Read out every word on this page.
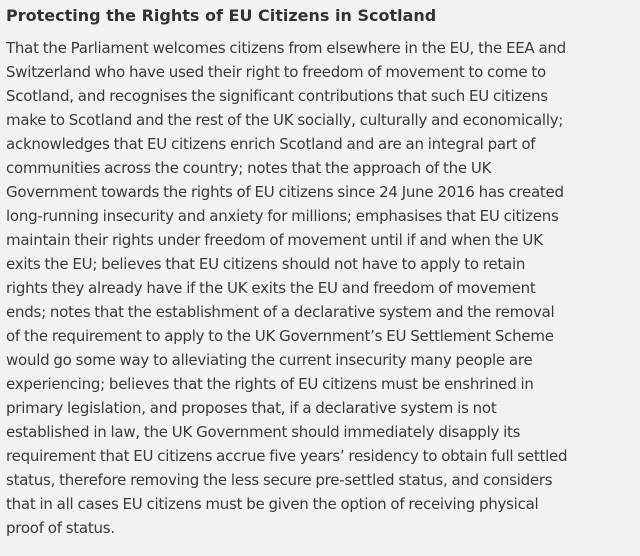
Protecting the Rights of EU Citizens in Scotland
That the Parliament welcomes citizens from elsewhere in the EU, the EEA and
Switzerland who have used their right to freedom of movement to come to
Scotland, and recognises the significant contributions that such EU citizens
make to Scotland and the rest of the UK socially, culturally and economically;
acknowledges that EU citizens enrich Scotland and are an integral part of
communities across the country; notes that the approach of the UK
Government towards the rights of EU citizens since 24 June 2016 has created
long-running insecurity and anxiety for millions; emphasises that EU citizens
maintain their rights under freedom of movement until if and when the UK
exits the EU; believes that EU citizens should not have to apply to retain
rights they already have if the UK exits the EU and freedom of movement
ends; notes that the establishment of a declarative system and the removal
of the requirement to apply to the UK Government’s EU Settlement Scheme
would go some way to alleviating the current insecurity many people are
experiencing; believes that the rights of EU citizens must be enshrined in
primary legislation, and proposes that, if a declarative system is not
established in law, the UK Government should immediately disapply its
requirement that EU citizens accrue five years’ residency to obtain full settled
status, therefore removing the less secure pre-settled status, and considers
that in all cases EU citizens must be given the option of receiving physical
proof of status.
